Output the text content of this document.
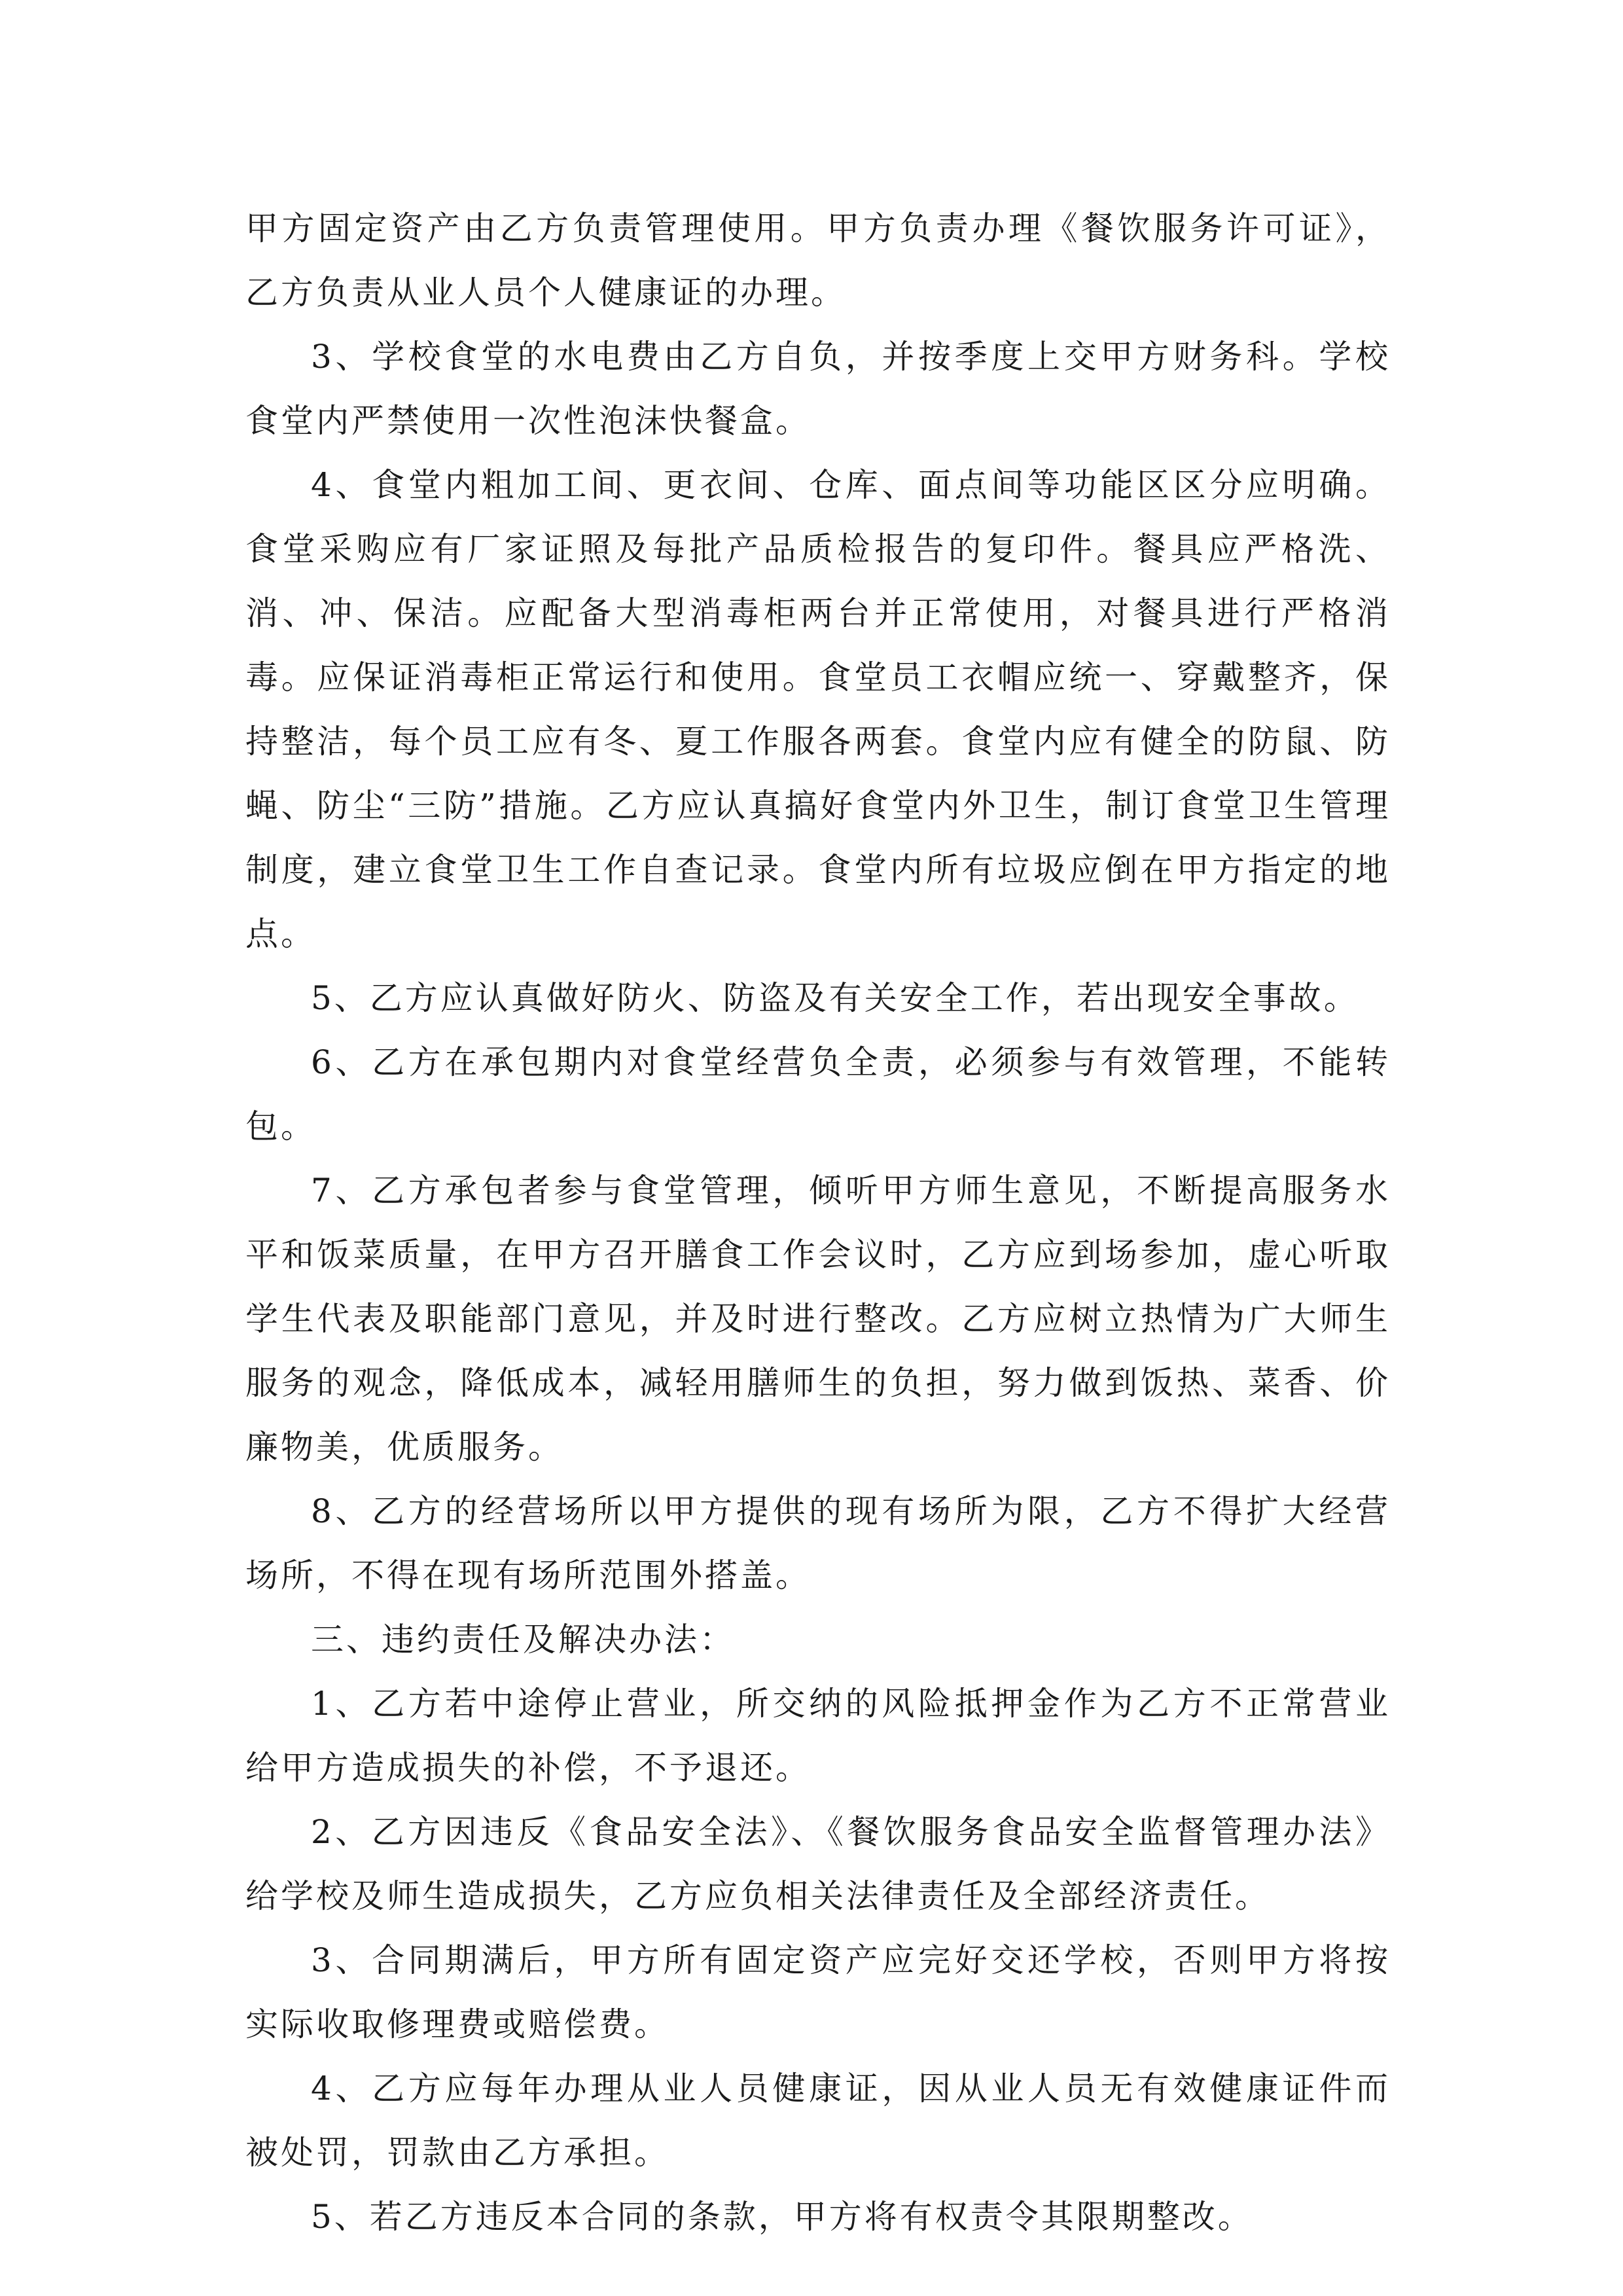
甲方固定资产由乙方负责管理使用。甲方负责办理《餐饮服务许可证》，乙方负责从业人员个人健康证的办理。

3、学校食堂的水电费由乙方自负，并按季度上交甲方财务科。学校食堂内严禁使用一次性泡沫快餐盒。

4、食堂内粗加工间、更衣间、仓库、面点间等功能区区分应明确。食堂采购应有厂家证照及每批产品质检报告的复印件。餐具应严格洗、消、冲、保洁。应配备大型消毒柜两台并正常使用，对餐具进行严格消毒。应保证消毒柜正常运行和使用。食堂员工衣帽应统一、穿戴整齐，保持整洁，每个员工应有冬、夏工作服各两套。食堂内应有健全的防鼠、防蝇、防尘“三防”措施。乙方应认真搞好食堂内外卫生，制订食堂卫生管理制度，建立食堂卫生工作自查记录。食堂内所有垃圾应倒在甲方指定的地点。

5、乙方应认真做好防火、防盗及有关安全工作，若出现安全事故。

6、乙方在承包期内对食堂经营负全责，必须参与有效管理，不能转包。

7、乙方承包者参与食堂管理，倾听甲方师生意见，不断提高服务水平和饭菜质量，在甲方召开膳食工作会议时，乙方应到场参加，虚心听取学生代表及职能部门意见，并及时进行整改。乙方应树立热情为广大师生服务的观念，降低成本，减轻用膳师生的负担，努力做到饭热、菜香、价廉物美，优质服务。

8、乙方的经营场所以甲方提供的现有场所为限，乙方不得扩大经营场所，不得在现有场所范围外搭盖。

三、违约责任及解决办法：

1、乙方若中途停止营业，所交纳的风险抵押金作为乙方不正常营业给甲方造成损失的补偿，不予退还。

2、乙方因违反《食品安全法》、《餐饮服务食品安全监督管理办法》给学校及师生造成损失，乙方应负相关法律责任及全部经济责任。

3、合同期满后，甲方所有固定资产应完好交还学校，否则甲方将按实际收取修理费或赔偿费。

4、乙方应每年办理从业人员健康证，因从业人员无有效健康证件而被处罚，罚款由乙方承担。

5、若乙方违反本合同的条款，甲方将有权责令其限期整改。
